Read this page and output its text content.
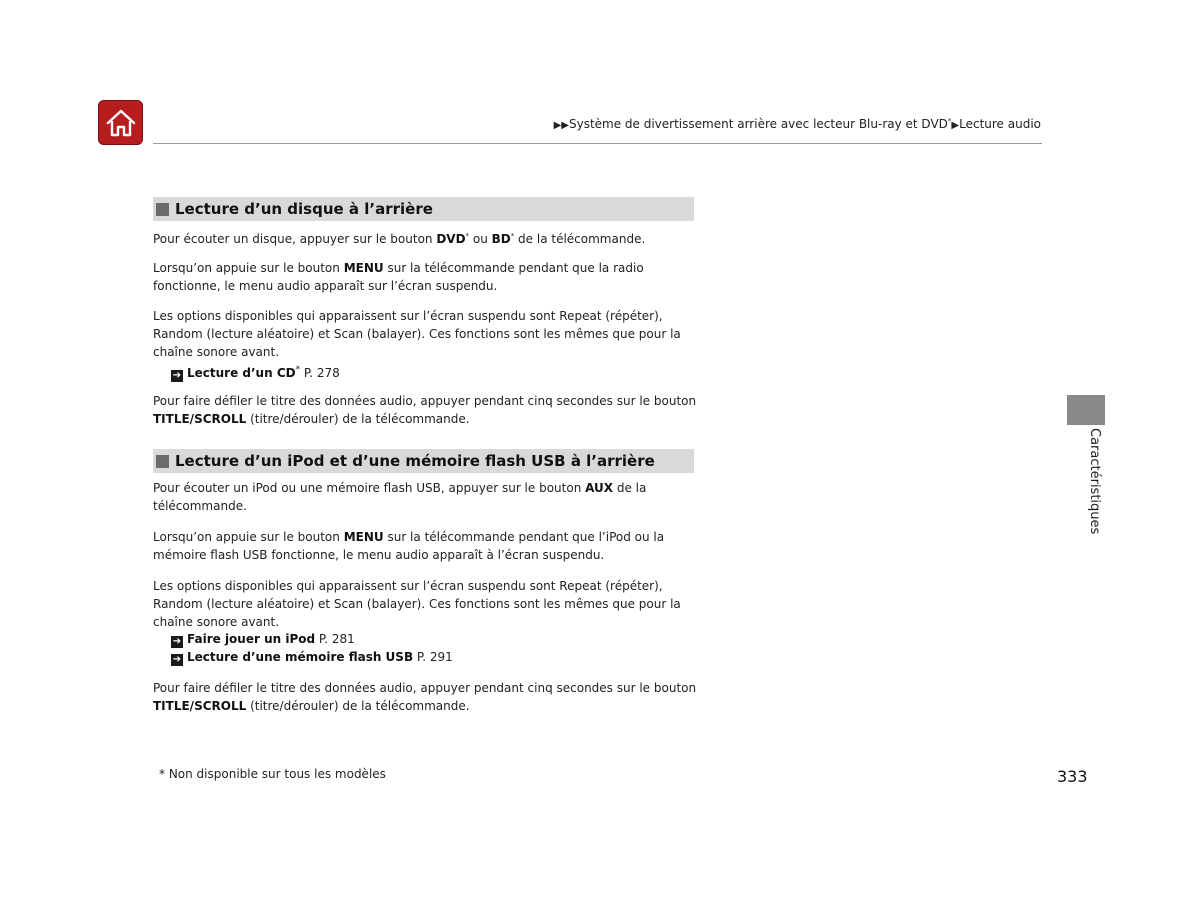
▶▶Système de divertissement arrière avec lecteur Blu-ray et DVD*▶Lecture audio
Lecture d’un disque à l’arrière
Pour écouter un disque, appuyer sur le bouton DVD* ou BD* de la télécommande.
Lorsqu’on appuie sur le bouton MENU sur la télécommande pendant que la radio fonctionne, le menu audio apparaît sur l’écran suspendu.
Les options disponibles qui apparaissent sur l’écran suspendu sont Repeat (répéter), Random (lecture aléatoire) et Scan (balayer). Ces fonctions sont les mêmes que pour la chaîne sonore avant.
➔ Lecture d’un CD* P. 278
Pour faire défiler le titre des données audio, appuyer pendant cinq secondes sur le bouton TITLE/SCROLL (titre/dérouler) de la télécommande.
Lecture d’un iPod et d’une mémoire flash USB à l’arrière
Pour écouter un iPod ou une mémoire flash USB, appuyer sur le bouton AUX de la télécommande.
Lorsqu’on appuie sur le bouton MENU sur la télécommande pendant que l’iPod ou la mémoire flash USB fonctionne, le menu audio apparaît à l’écran suspendu.
Les options disponibles qui apparaissent sur l’écran suspendu sont Repeat (répéter), Random (lecture aléatoire) et Scan (balayer). Ces fonctions sont les mêmes que pour la chaîne sonore avant.
➔ Faire jouer un iPod P. 281
➔ Lecture d’une mémoire flash USB P. 291
Pour faire défiler le titre des données audio, appuyer pendant cinq secondes sur le bouton TITLE/SCROLL (titre/dérouler) de la télécommande.
* Non disponible sur tous les modèles	333
Caractéristiques
